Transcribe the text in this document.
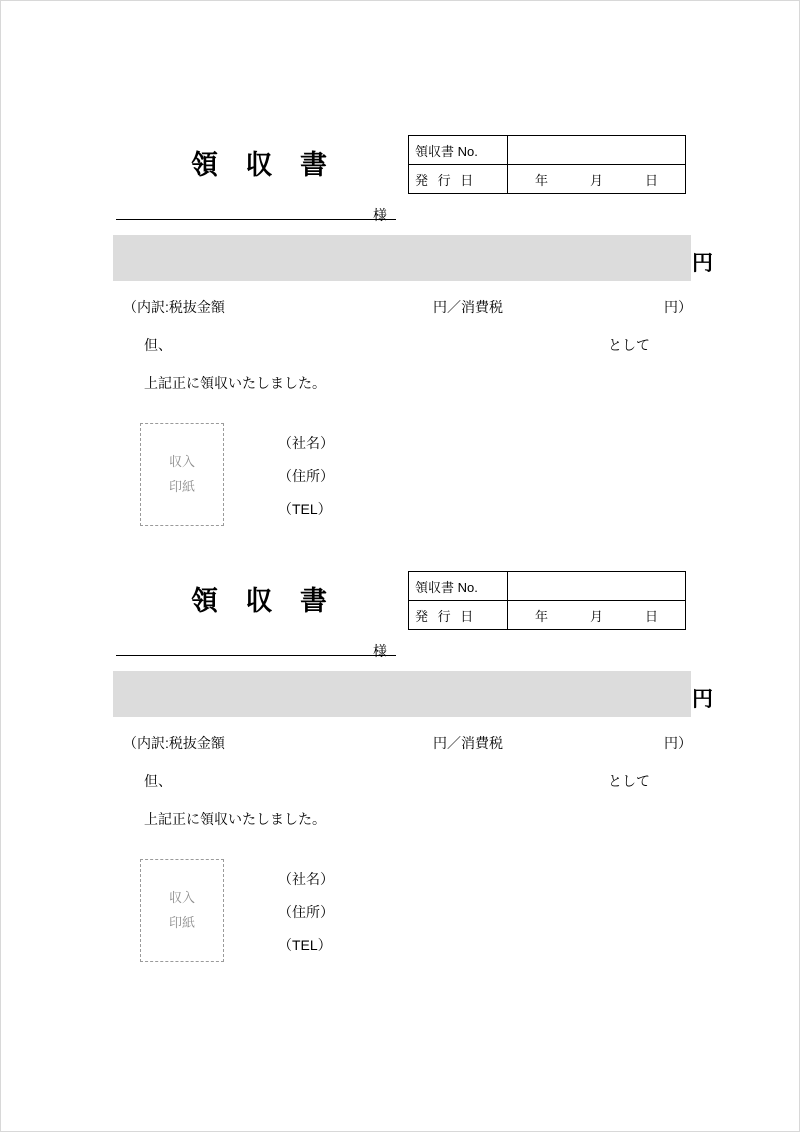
領 収 書	領収書 No.	
発 行 日	年 月 日
様
円
（内訳:税抜金額	円／消費税	円）
但、	として
上記正に領収いたしました。
収入
印紙
（社名）
（住所）
（TEL）
領 収 書	領収書 No.	
発 行 日	年 月 日
様
円
（内訳:税抜金額	円／消費税	円）
但、	として
上記正に領収いたしました。
収入
印紙
（社名）
（住所）
（TEL）
